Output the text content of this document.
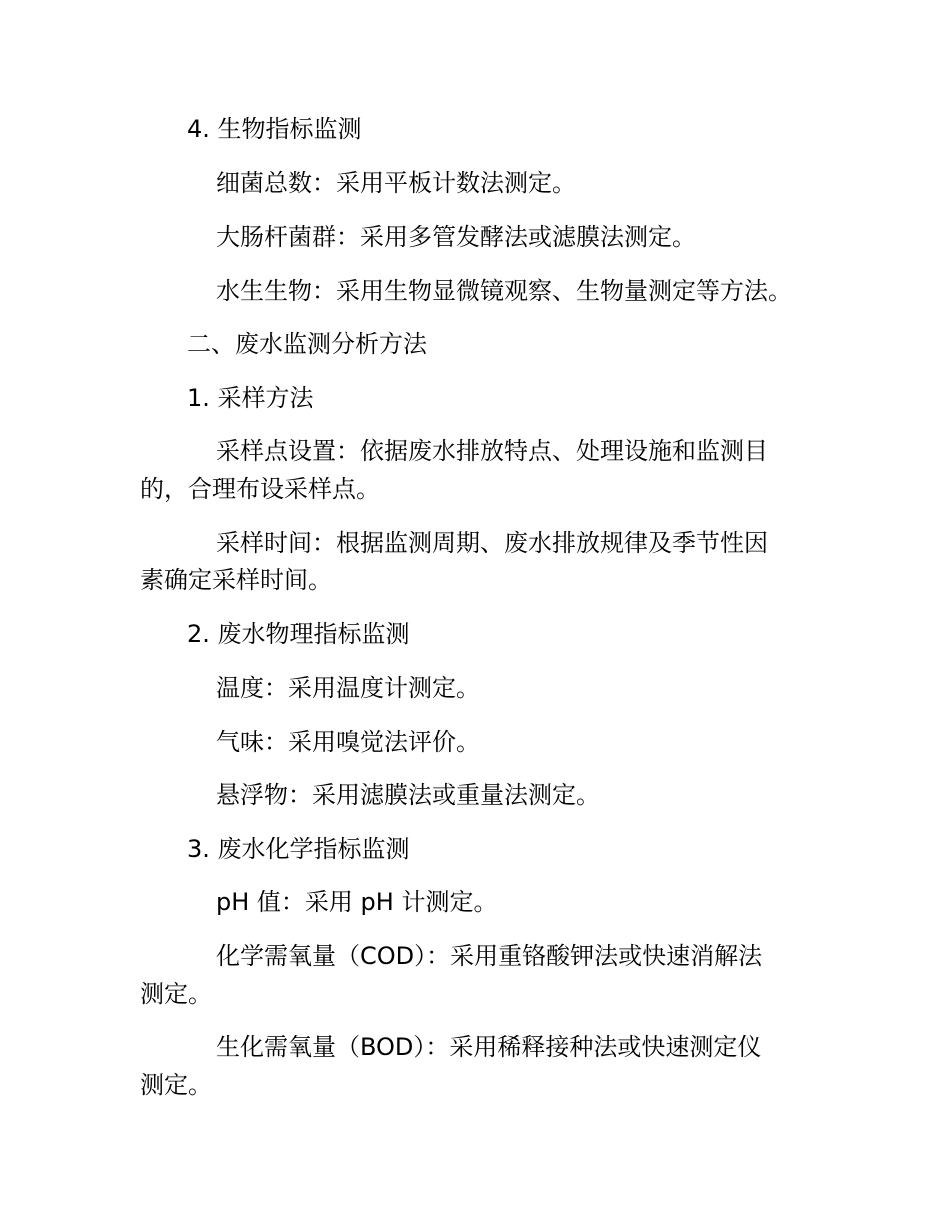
4. 生物指标监测

细菌总数：采用平板计数法测定。

大肠杆菌群：采用多管发酵法或滤膜法测定。

水生生物：采用生物显微镜观察、生物量测定等方法。

二、废水监测分析方法

1. 采样方法

采样点设置：依据废水排放特点、处理设施和监测目

的，合理布设采样点。

采样时间：根据监测周期、废水排放规律及季节性因

素确定采样时间。

2. 废水物理指标监测

温度：采用温度计测定。

气味：采用嗅觉法评价。

悬浮物：采用滤膜法或重量法测定。

3. 废水化学指标监测

pH 值：采用 pH 计测定。

化学需氧量（COD）：采用重铬酸钾法或快速消解法

测定。

生化需氧量（BOD）：采用稀释接种法或快速测定仪

测定。
